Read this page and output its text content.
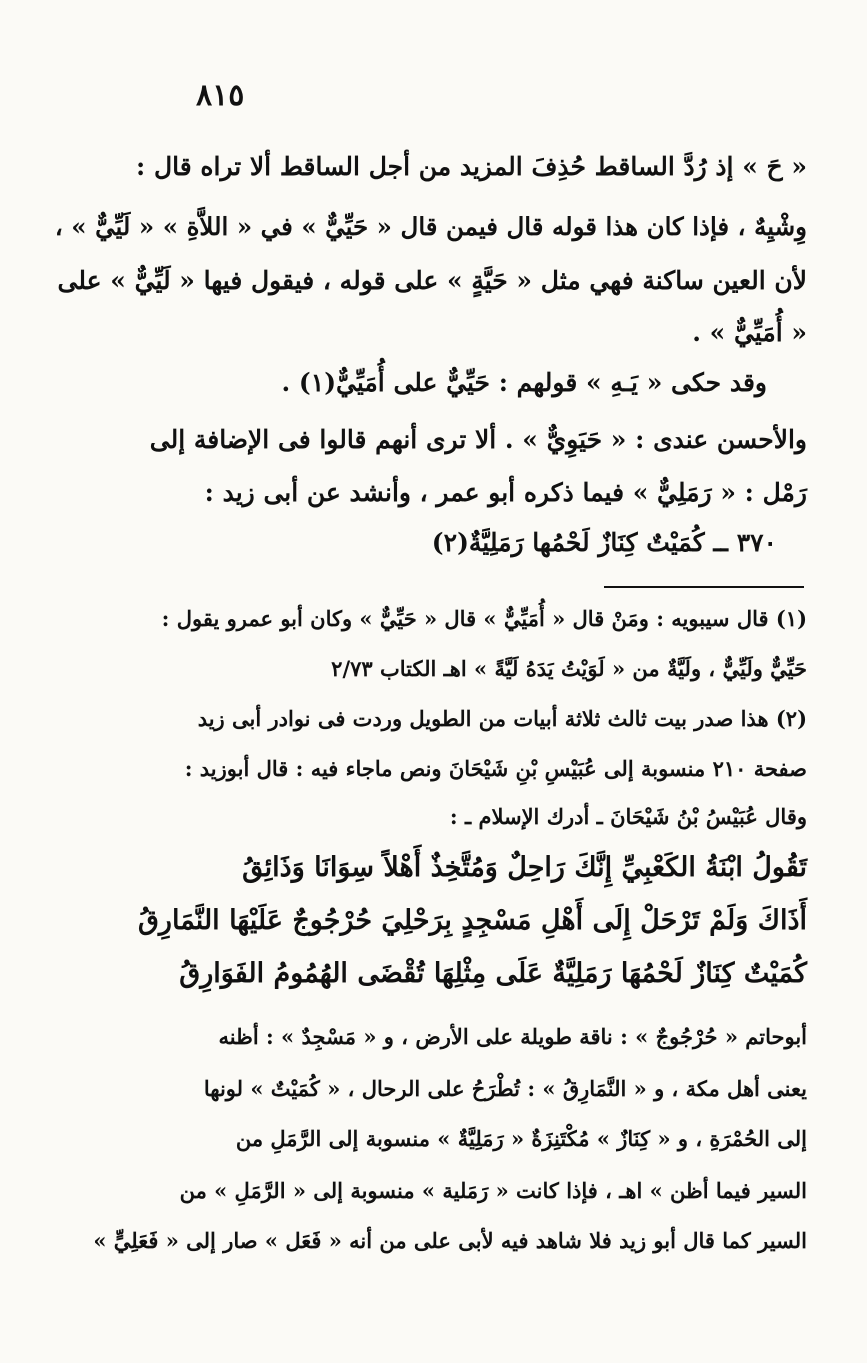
٨١٥
« حَ » إذ رُدَّ الساقط حُذِفَ المزيد من أجل الساقط ألا تراه قال :
وِشْيِهٌ ، فإذا كان هذا قوله قال فيمن قال « حَيِّيٌّ » في « اللاَّةِ » « لَيِّيٌّ » ،
لأن العين ساكنة فهي مثل « حَيَّةٍ » على قوله ، فيقول فيها « لَيِّيٌّ » على
« أُمَيِّيٌّ » .
وقد حكى « يَـهِ » قولهم : حَيِّيٌّ على أُمَيِّيٌّ(١) .
والأحسن عندى : « حَيَوِيٌّ » . ألا ترى أنهم قالوا فى الإضافة إلى
رَمْل : « رَمَلِيٌّ » فيما ذكره أبو عمر ، وأنشد عن أبى زيد :
٣٧٠ ــ كُمَيْتٌ كِنَازٌ لَحْمُها رَمَلِيَّةٌ(٢)
(١) قال سيبويه : ومَنْ قال « أُمَيِّيٌّ » قال « حَيِّيٌّ » وكان أبو عمرو يقول :
حَيِّيٌّ ولَيِّيٌّ ، ولَيَّةٌ من « لَوَيْتُ يَدَهُ لَيَّةً » اهـ الكتاب ٢/٧٣
(٢) هذا صدر بيت ثالث ثلاثة أبيات من الطويل وردت فى نوادر أبى زيد
صفحة ٢١٠ منسوبة إلى عُبَيْسِ بْنِ شَيْحَانَ ونص ماجاء فيه : قال أبوزيد :
وقال عُبَيْسُ بْنُ شَيْحَانَ ـ أدرك الإسلام ـ :
تَقُولُ ابْنَةُ الكَعْبِيِّ إِنَّكَ رَاحِلٌ وَمُتَّخِذٌ أَهْلاً سِوَانَا وَذَائِقُ
أَذَاكَ وَلَمْ تَرْحَلْ إِلَى أَهْلِ مَسْجِدٍ بِرَحْلِيَ حُرْجُوجٌ عَلَيْهَا النَّمَارِقُ
كُمَيْتٌ كِنَازٌ لَحْمُهَا رَمَلِيَّةٌ عَلَى مِثْلِهَا تُقْضَى الهُمُومُ الفَوَارِقُ
أبوحاتم « حُرْجُوجٌ » : ناقة طويلة على الأرض ، و « مَسْجِدٌ » : أظنه
يعنى أهل مكة ، و « النَّمَارِقُ » : تُطْرَحُ على الرحال ، « كُمَيْتٌ » لونها
إلى الحُمْرَةِ ، و « كِنَازٌ » مُكْتَنِزَةٌ « رَمَلِيَّةٌ » منسوبة إلى الرَّمَلِ من
السير فيما أظن » اهـ ، فإذا كانت « رَمَلية » منسوبة إلى « الرَّمَلِ » من
السير كما قال أبو زيد فلا شاهد فيه لأبى على من أنه « فَعَل » صار إلى « فَعَلِيٍّ »
